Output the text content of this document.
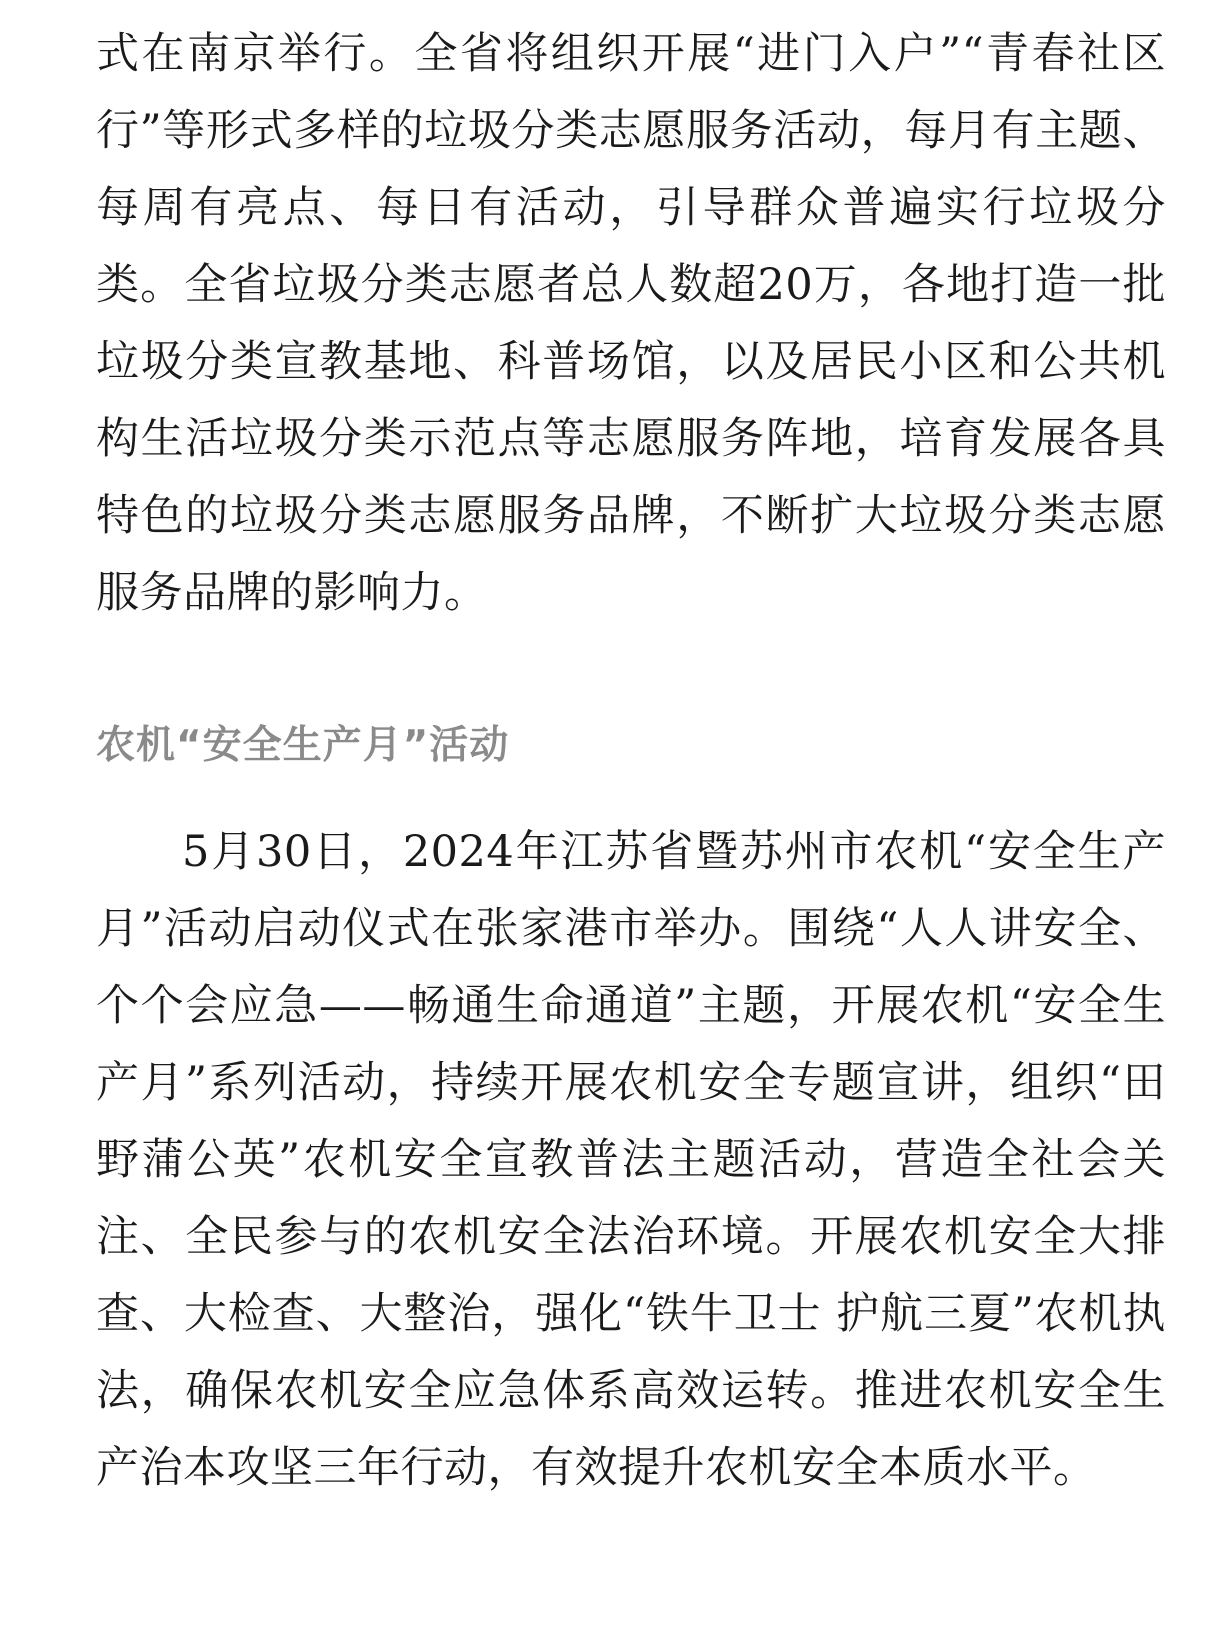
式在南京举行。全省将组织开展“进门入户”“青春社区行”等形式多样的垃圾分类志愿服务活动，每月有主题、每周有亮点、每日有活动，引导群众普遍实行垃圾分类。全省垃圾分类志愿者总人数超20万，各地打造一批垃圾分类宣教基地、科普场馆，以及居民小区和公共机构生活垃圾分类示范点等志愿服务阵地，培育发展各具特色的垃圾分类志愿服务品牌，不断扩大垃圾分类志愿服务品牌的影响力。

农机“安全生产月”活动

5月30日，2024年江苏省暨苏州市农机“安全生产月”活动启动仪式在张家港市举办。围绕“人人讲安全、个个会应急——畅通生命通道”主题，开展农机“安全生产月”系列活动，持续开展农机安全专题宣讲，组织“田野蒲公英”农机安全宣教普法主题活动，营造全社会关注、全民参与的农机安全法治环境。开展农机安全大排查、大检查、大整治，强化“铁牛卫士 护航三夏”农机执法，确保农机安全应急体系高效运转。推进农机安全生产治本攻坚三年行动，有效提升农机安全本质水平。
